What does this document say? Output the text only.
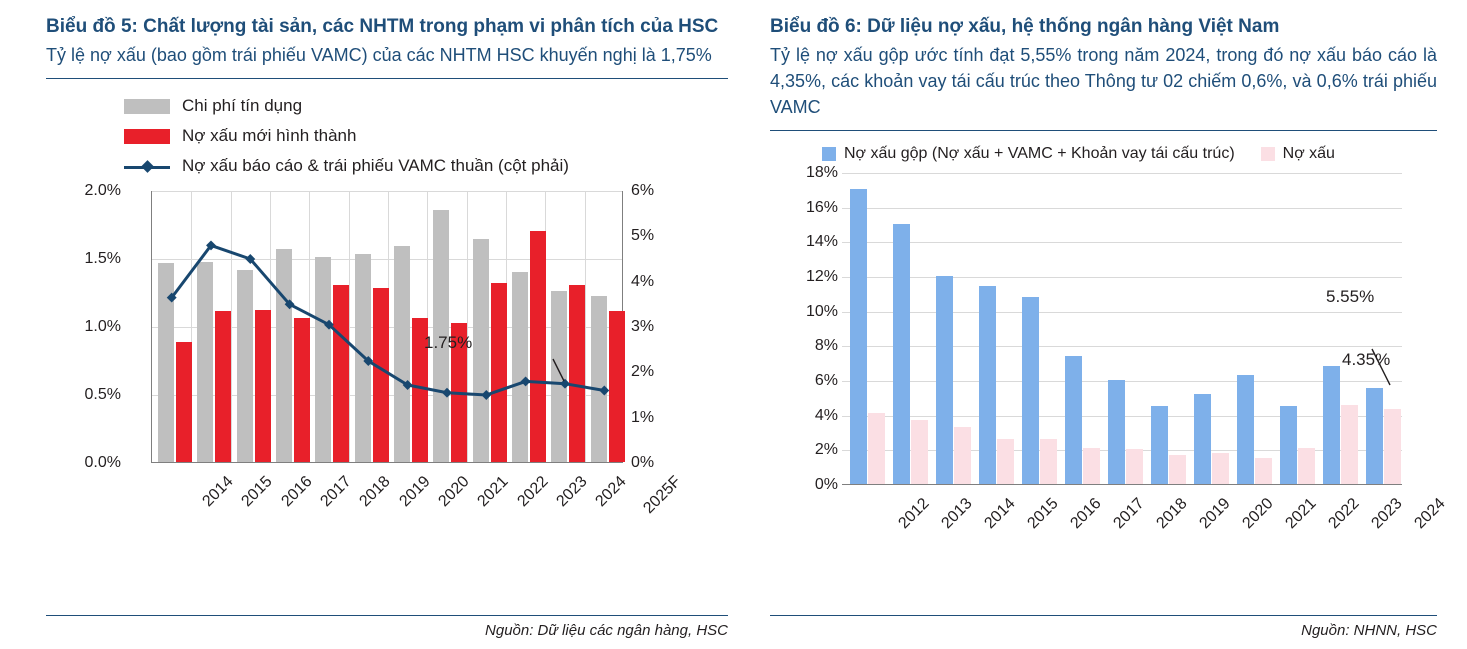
Biểu đồ 5: Chất lượng tài sản, các NHTM trong phạm vi phân tích của HSC
Tỷ lệ nợ xấu (bao gồm trái phiếu VAMC) của các NHTM HSC khuyến nghị là 1,75%
Chi phí tín dụng
Nợ xấu mới hình thành
Nợ xấu báo cáo & trái phiếu VAMC thuần (cột phải)
2.0%
1.5%
1.0%
0.5%
0.0%
6%
5%
4%
3%
2%
1%
0%
1.75%
2014 2015 2016 2017 2018 2019 2020 2021 2022 2023 2024 2025F
Nguồn: Dữ liệu các ngân hàng, HSC
Biểu đồ 6: Dữ liệu nợ xấu, hệ thống ngân hàng Việt Nam
Tỷ lệ nợ xấu gộp ước tính đạt 5,55% trong năm 2024, trong đó nợ xấu báo cáo là 4,35%, các khoản vay tái cấu trúc theo Thông tư 02 chiếm 0,6%, và 0,6% trái phiếu VAMC
Nợ xấu gộp (Nợ xấu + VAMC + Khoản vay tái cấu trúc)	Nợ xấu
18%
16%
14%
12%
10%
8%
6%
4%
2%
0%
5.55%
4.35%
2012 2013 2014 2015 2016 2017 2018 2019 2020 2021 2022 2023 2024
Nguồn: NHNN, HSC
